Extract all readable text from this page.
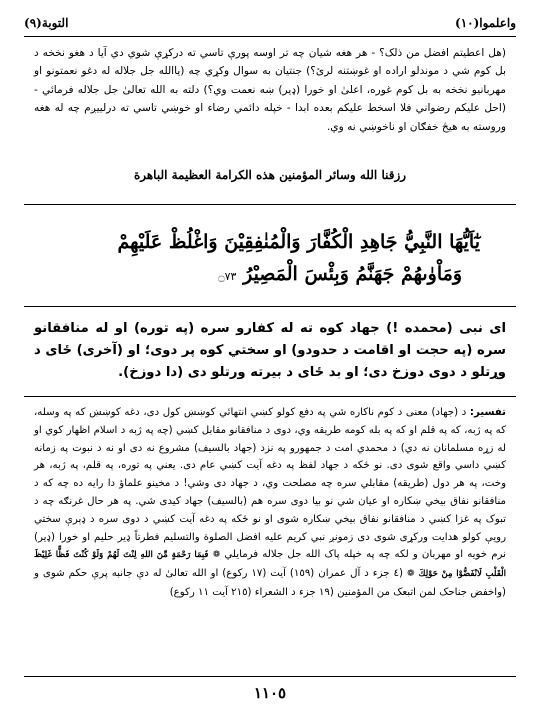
التوبة(٩)	واعلموا(١٠)
(هل اعطيتم افضل من ذلک؟ - هر هغه شيان چه تر اوسه پورې تاسي ته درکړې شوي دي آيا د هغو نخخه د بل کوم شي د موندلو اراده او غوښتنه لرئ؟) جنتيان به سوال وکړي چه (ياالله جل جلاله له دغو نعمتونو او مهربانيو نخخه به بل کوم غوره، اعلیٰ او خورا (ډير) ښه نعمت وي؟) دلته به الله تعالیٰ جل جلاله فرمائي - (احل عليکم رضواني فلا اسخط عليکم بعده ابدا - خپله دائمي رضاء او خوښي تاسي ته درلييږم چه له هغه وروسته به هيڅ خفګان او ناخوښي نه وي.
رزقنا الله وسائر المؤمنين هذه الكرامة العظيمة الباهرة
يٰٓاَيُّهَا النَّبِيُّ جَاهِدِ الْكُفَّارَ وَالْمُنٰفِقِيْنَ وَاغْلُظْ عَلَيْهِمْ
وَمَاْوٰىهُمْ جَهَنَّمُ وَبِئْسَ الْمَصِيْرُ ۝٧٣
اى نبی (محمده !) جهاد کوه ته له کفارو سره (په توره) او له منافقانو سره (په حجت او اقامت د حدودو) او سختي کوه پر دوی؛ او (آخرى) ځای د وړتلو د دوی دوزخ دی؛ او بد ځای د بيرته ورتلو دی (دا دوزخ).
تفسير: د (جهاد) معنی د کوم ناکاره شي په دفع کولو کښي انتهائي کوښښ کول دی، دغه کوښښ که په وسله، که په ژبه، که په قلم او که په بله کومه طريقه وي، دوی د منافقانو مقابل کښي (چه په ژبه د اسلام اظهار کوي او له زړه مسلمانان نه دي) د محمدي امت د جمهورو په نزد (جهاد بالسيف) مشروع نه دی او نه د نبوت په زمانه کښي داسي واقع شوی دی. نو ځکه د جهاد لفظ په دغه آيت کښي عام دی. يعني په توره، په قلم، په ژبه، هر وخت، په هر دول (طريقه) مقابلي سره چه مصلحت وي، د جهاد دی وشي! د مخينو علماؤ دا رايه ده چه که د منافقانو نفاق بيخي ښکاره او عيان شي نو بيا دوی سره هم (بالسيف) جهاد کيدی شي. په هر حال غرنګه چه د تبوک په غزا کښي د منافقانو نفاق بيخي ښکاره شوی او نو ځکه په دغه آيت کښي د دوی سره د ډېرې سختي رويې کولو هدايت ورکړی شوی دی زمونږ نبي کريم عليه افضل الصلوة والتسليم فطرتاً ډير حليم او خورا (ډير) نرم خويه او مهربان و لکه چه په خپله پاک الله جل جلاله فرمايلي ❁ فَبِمَا رَحْمَةٍ مِّنَ اللهِ لِنْتَ لَهُمْ وَلَوْ كُنْتَ فَظًّا غَلِيْظَ الْقَلْبِ لَانْفَضُّوْا مِنْ حَوْلِكَ ❁ (٤ جزء د آل عمران (١٥٩) آيت (١٧ رکوع) او الله تعالیٰ له دې جانبه پرې حکم شوی و (واخفض جناحک لمن اتبعک من المؤمنين (١٩ جزء د الشعراء (٢١٥ آيت ١١ رکوع)
١١٠٥
